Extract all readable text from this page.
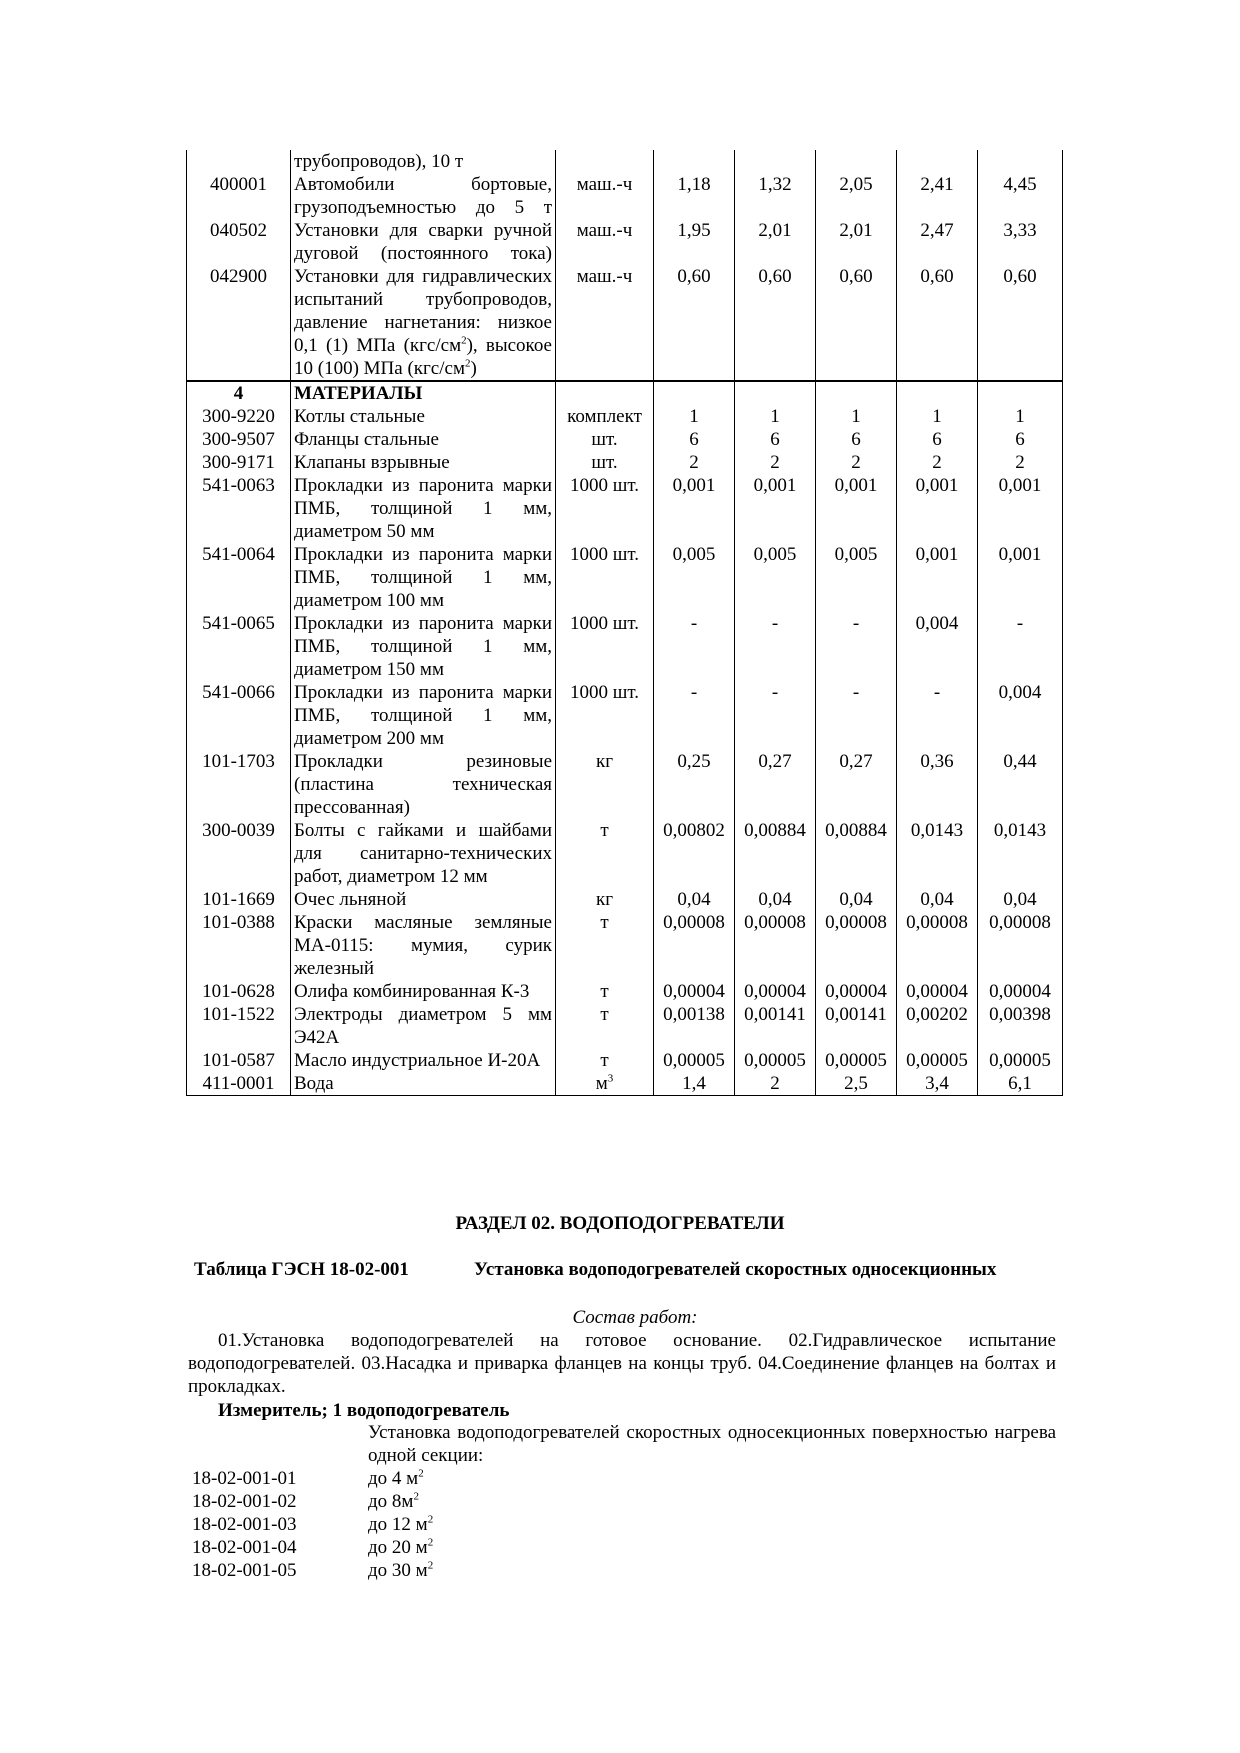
	трубопроводов), 10 т						
400001	Автомобили бортовые, грузоподъемностью до 5 т	маш.-ч	1,18	1,32	2,05	2,41	4,45
040502	Установки для сварки ручной дуговой (постоянного тока)	маш.-ч	1,95	2,01	2,01	2,47	3,33
042900	Установки для гидравлических испытаний трубопроводов, давление нагнетания: низкое 0,1 (1) МПа $(кгс/см^2)$, высокое 10 (100) МПа $(кгс/см^2)$	маш.-ч	0,60	0,60	0,60	0,60	0,60
4	МАТЕРИАЛЫ						
300-9220	Котлы стальные	комплект	1	1	1	1	1
300-9507	Фланцы стальные	шт.	6	6	6	6	6
300-9171	Клапаны взрывные	шт.	2	2	2	2	2
541-0063	Прокладки из паронита марки ПМБ, толщиной 1 мм, диаметром 50 мм	1000 шт.	0,001	0,001	0,001	0,001	0,001
541-0064	Прокладки из паронита марки ПМБ, толщиной 1 мм, диаметром 100 мм	1000 шт.	0,005	0,005	0,005	0,001	0,001
541-0065	Прокладки из паронита марки ПМБ, толщиной 1 мм, диаметром 150 мм	1000 шт.	-	-	-	0,004	-
541-0066	Прокладки из паронита марки ПМБ, толщиной 1 мм, диаметром 200 мм	1000 шт.	-	-	-	-	0,004
101-1703	Прокладки резиновые (пластина техническая прессованная)	кг	0,25	0,27	0,27	0,36	0,44
300-0039	Болты с гайками и шайбами для санитарно-технических работ, диаметром 12 мм	т	0,00802	0,00884	0,00884	0,0143	0,0143
101-1669	Очес льняной	кг	0,04	0,04	0,04	0,04	0,04
101-0388	Краски масляные земляные МА-0115: мумия, сурик железный	т	0,00008	0,00008	0,00008	0,00008	0,00008
101-0628	Олифа комбинированная К-3	т	0,00004	0,00004	0,00004	0,00004	0,00004
101-1522	Электроды диаметром 5 мм Э42А	т	0,00138	0,00141	0,00141	0,00202	0,00398
101-0587	Масло индустриальное И-20А	т	0,00005	0,00005	0,00005	0,00005	0,00005
411-0001	Вода	$м^3$	1,4	2	2,5	3,4	6,1
РАЗДЕЛ 02. ВОДОПОДОГРЕВАТЕЛИ
Таблица ГЭСН 18-02-001	Установка водоподогревателей скоростных односекционных
Состав работ:
01.Установка водоподогревателей на готовое основание. 02.Гидравлическое испытание водоподогревателей. 03.Насадка и приварка фланцев на концы труб. 04.Соединение фланцев на болтах и прокладках.
Измеритель; 1 водоподогреватель
Установка водоподогревателей скоростных односекционных поверхностью нагрева одной секции:
18-02-001-01	до 4 $м^2$
18-02-001-02	до $8м^2$
18-02-001-03	до 12 $м^2$
18-02-001-04	до 20 $м^2$
18-02-001-05	до 30 $м^2$
